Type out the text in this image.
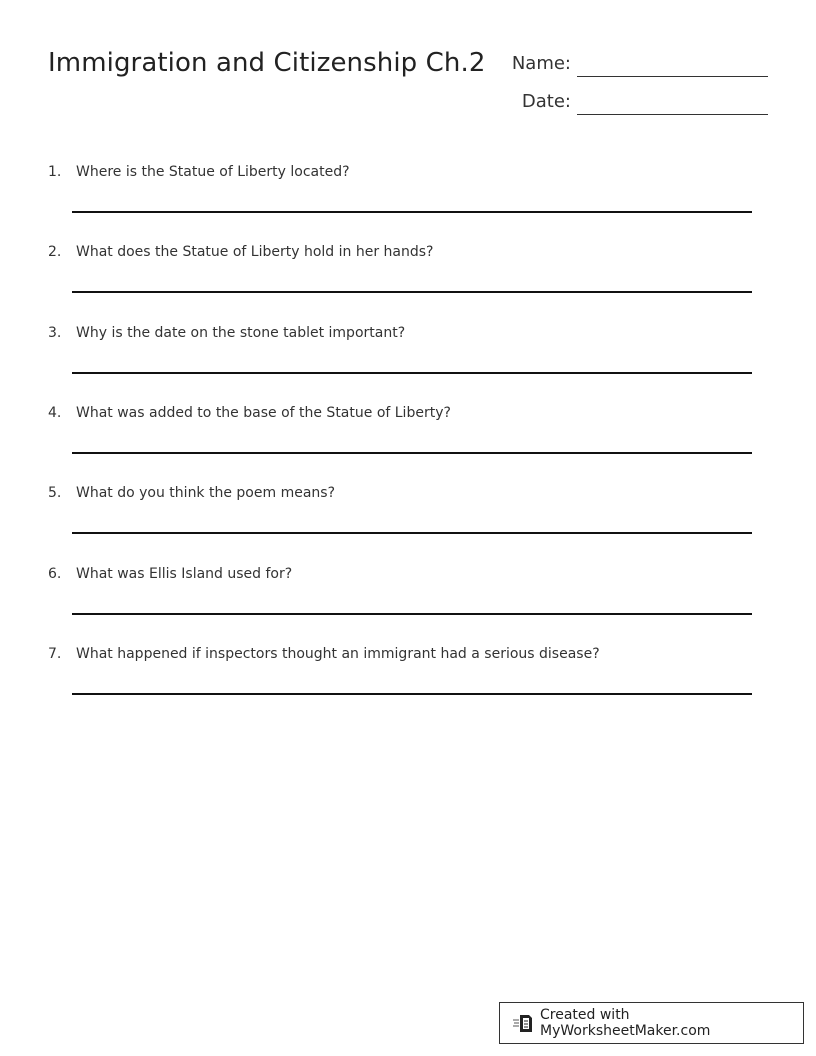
Immigration and Citizenship Ch.2	Name:
Date:
1. Where is the Statue of Liberty located?
2. What does the Statue of Liberty hold in her hands?
3. Why is the date on the stone tablet important?
4. What was added to the base of the Statue of Liberty?
5. What do you think the poem means?
6. What was Ellis Island used for?
7. What happened if inspectors thought an immigrant had a serious disease?
Created with MyWorksheetMaker.com
